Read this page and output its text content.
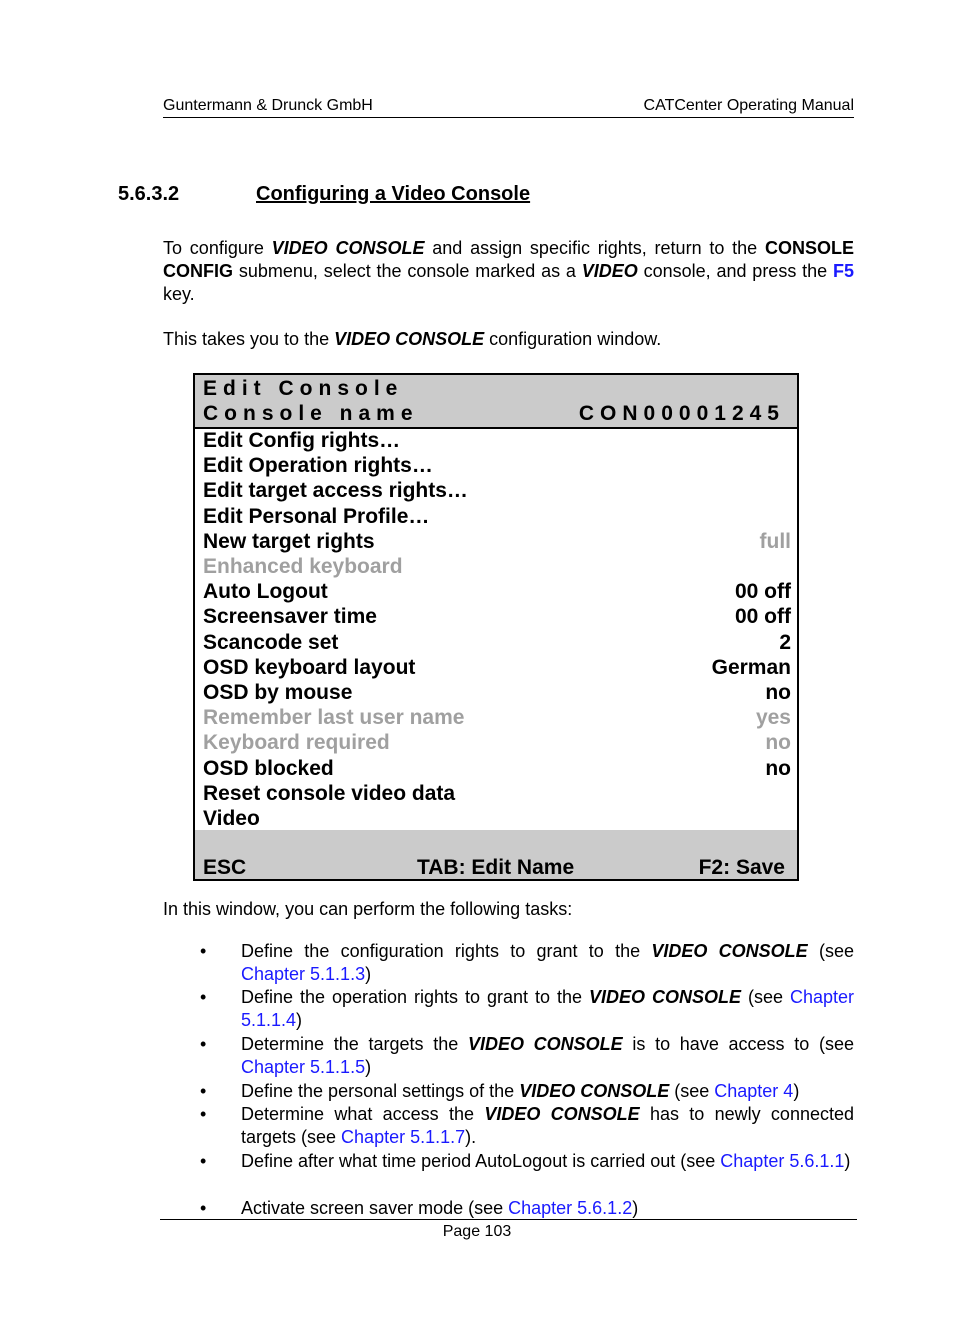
Guntermann & Drunck GmbH	CATCenter Operating Manual
5.6.3.2	Configuring a Video Console
To configure VIDEO CONSOLE and assign specific rights, return to the CONSOLE CONFIG submenu, select the console marked as a VIDEO console, and press the F5 key.
This takes you to the VIDEO CONSOLE configuration window.
Edit Console
Console name	CON00001245
Edit Config rights…
Edit Operation rights…
Edit target access rights…
Edit Personal Profile…
New target rights	full
Enhanced keyboard
Auto Logout	00 off
Screensaver time	00 off
Scancode set	2
OSD keyboard layout	German
OSD by mouse	no
Remember last user name	yes
Keyboard required	no
OSD blocked	no
Reset console video data
Video
ESC	TAB: Edit Name	F2: Save
In this window, you can perform the following tasks:
• Define the configuration rights to grant to the VIDEO CONSOLE (see Chapter 5.1.1.3)
• Define the operation rights to grant to the VIDEO CONSOLE (see Chapter 5.1.1.4)
• Determine the targets the VIDEO CONSOLE is to have access to (see Chapter 5.1.1.5)
• Define the personal settings of the VIDEO CONSOLE (see Chapter 4)
• Determine what access the VIDEO CONSOLE has to newly connected targets (see Chapter 5.1.1.7).
• Define after what time period AutoLogout is carried out (see Chapter 5.6.1.1)
• Activate screen saver mode (see Chapter 5.6.1.2)
Page 103
